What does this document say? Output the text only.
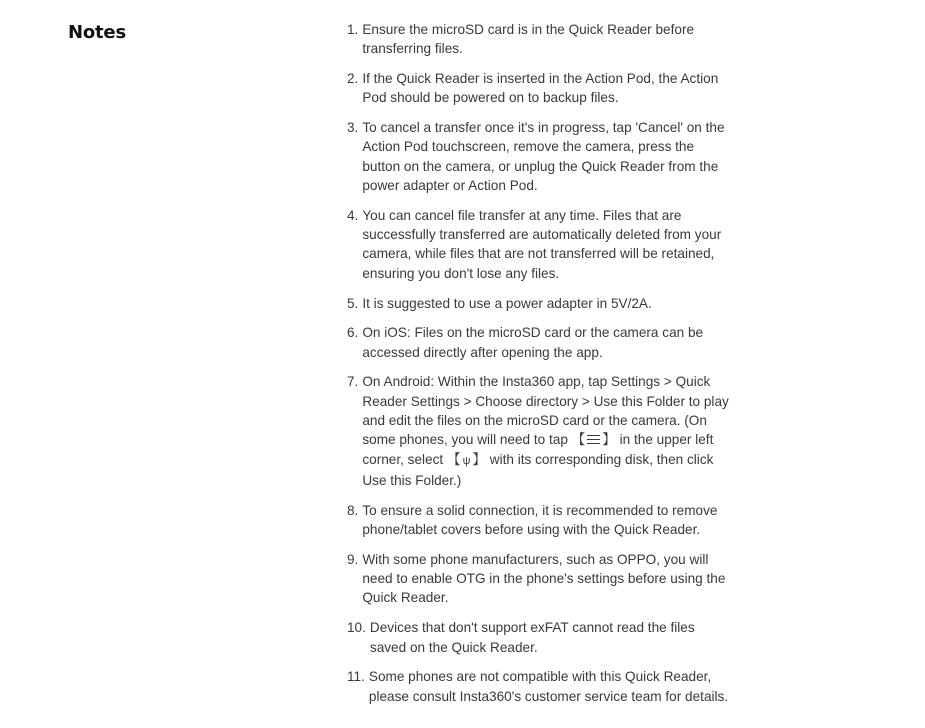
Notes	1. Ensure the microSD card is in the Quick Reader before transferring files.
2. If the Quick Reader is inserted in the Action Pod, the Action Pod should be powered on to backup files.
3. To cancel a transfer once it's in progress, tap 'Cancel' on the Action Pod touchscreen, remove the camera, press the button on the camera, or unplug the Quick Reader from the power adapter or Action Pod.
4. You can cancel file transfer at any time. Files that are successfully transferred are automatically deleted from your camera, while files that are not transferred will be retained, ensuring you don't lose any files.
5. It is suggested to use a power adapter in 5V/2A.
6. On iOS: Files on the microSD card or the camera can be accessed directly after opening the app.
7. On Android: Within the Insta360 app, tap Settings > Quick Reader Settings > Choose directory > Use this Folder to play and edit the files on the microSD card or the camera. (On some phones, you will need to tap 【 】 in the upper left corner, select 【 ψ 】 with its corresponding disk, then click Use this Folder.)
8. To ensure a solid connection, it is recommended to remove phone/tablet covers before using with the Quick Reader.
9. With some phone manufacturers, such as OPPO, you will need to enable OTG in the phone's settings before using the Quick Reader.
10. Devices that don't support exFAT cannot read the files saved on the Quick Reader.
11. Some phones are not compatible with this Quick Reader, please consult Insta360's customer service team for details.
